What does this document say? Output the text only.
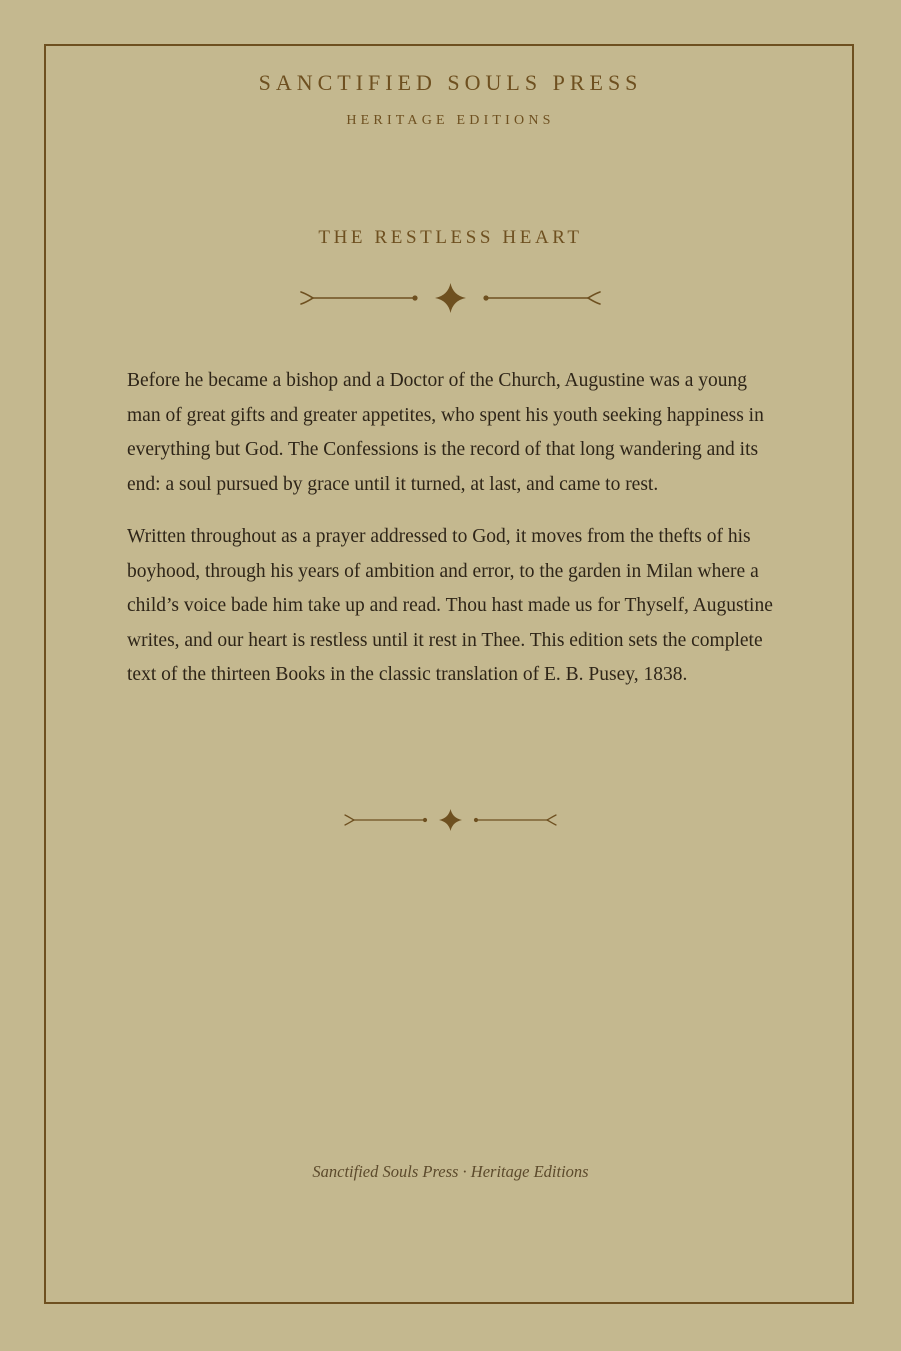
SANCTIFIED SOULS PRESS
HERITAGE EDITIONS
THE RESTLESS HEART

Before he became a bishop and a Doctor of the Church, Augustine was a young man of great gifts and greater appetites, who spent his youth seeking happiness in everything but God. The Confessions is the record of that long wandering and its end: a soul pursued by grace until it turned, at last, and came to rest.

Written throughout as a prayer addressed to God, it moves from the thefts of his boyhood, through his years of ambition and error, to the garden in Milan where a child’s voice bade him take up and read. Thou hast made us for Thyself, Augustine writes, and our heart is restless until it rest in Thee. This edition sets the complete text of the thirteen Books in the classic translation of E. B. Pusey, 1838.

Sanctified Souls Press · Heritage Editions
